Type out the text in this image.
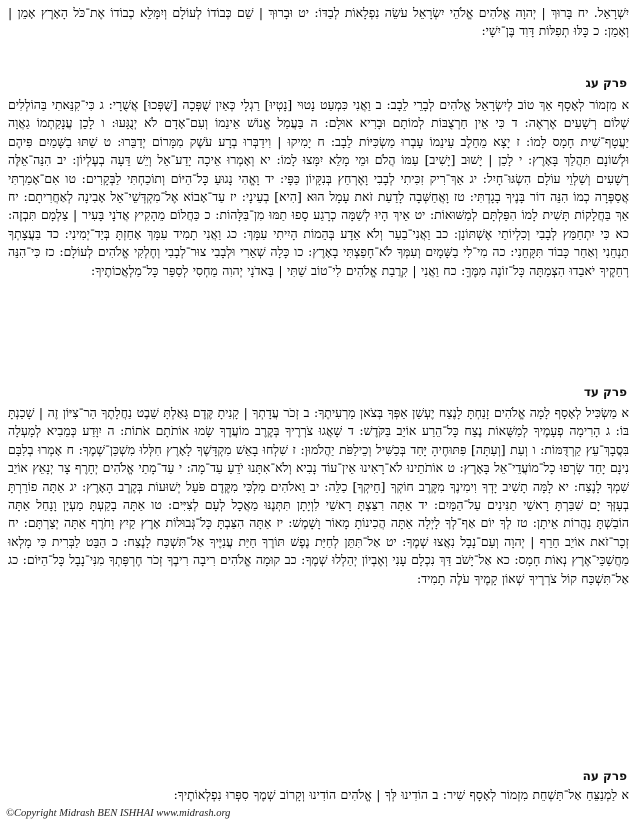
יִשְׁרָאֵל. יח בָּרוּךְ | יְהוָה אֱלֹהִים אֱלֹהֵי יִשְׂרָאֵל עֹשֵׂה נִפְלָאוֹת לְבַדּוֹ: יט וּבָרוּךְ | שֵׁם כְּבוֹדוֹ לְעוֹלָם וְיִמָּלֵא כְבוֹדוֹ אֶת־כֹּל הָאָרֶץ אָמֵן | וְאָמֵן: כ כָּלּוּ תְפִלּוֹת דָּוִד בֶּן־יִשָׁי:
פרק עג
א מִזְמוֹר לְאָסָף אַךְ טוֹב לְיִשְׂרָאֵל אֱלֹהִים לְבָרֵי לֵבָב: ב וַאֲנִי כִּמְעַט נָטוּי [נָטְיוּ] רַגְלָי כְּאַיִן שֻׁפְּכָה [שֻׁפְּכוּ] אֲשֻׁרָי: ג כִּי־קִנֵּאתִי בַּהוֹלְלִים שְׁלוֹם רְשָׁעִים אֶרְאֶה: ד כִּי אֵין חַרְצֻבּוֹת לְמוֹתָם וּבָרִיא אוּלָם: ה בַּעֲמַל אֱנוֹשׁ אֵינֵמוֹ וְעִם־אָדָם לֹא יְנֻגָּעוּ: ו לָכֵן עֲנָקַתְמוֹ גַאֲוָה יַעֲטָף־שִׁית חָמָס לָמוֹ: ז יָצָא מֵחֵלֶב עֵינֵמוֹ עָבְרוּ מַשְׂכִּיּוֹת לֵבָב: ח יָמִיקוּ | וִידַבְּרוּ בְרָע עֹשֶׁק מִמָּרוֹם יְדַבֵּרוּ: ט שַׁתּוּ בַשָּׁמַיִם פִּיהֶם וּלְשׁוֹנָם תִּהֲלַךְ בָּאָרֶץ: י לָכֵן | יָשׁוּב [יָשִׁיב] עַמּוֹ הֲלֹם וּמֵי מָלֵא יִמָּצוּ לָמוֹ: יא וְאָמְרוּ אֵיכָה יָדַע־אֵל וְיֵשׁ דֵּעָה בְעֶלְיוֹן: יב הִנֵּה־אֵלֶּה רְשָׁעִים וְשַׁלְוֵי עוֹלָם הִשְׂגּוּ־חָיִל: יג אַךְ־רִיק זִכִּיתִי לְבָבִי וָאֶרְחַץ בְּנִקָּיוֹן כַּפָּי: יד וָאֱהִי נָגוּעַ כָּל־הַיּוֹם וְתוֹכַחְתִּי לַבְּקָרִים: טו אִם־אָמַרְתִּי אֲסַפְּרָה כְמוֹ הִנֵּה דוֹר בָּנֶיךָ בָגָדְתִּי: טז וָאֲחַשְּׁבָה לָדַעַת זֹאת עָמָל הוּא [הִיא] בְעֵינָי: יז עַד־אָבוֹא אֶל־מִקְדְּשֵׁי־אֵל אָבִינָה לְאַחֲרִיתָם: יח אַךְ בַּחֲלָקוֹת תָּשִׁית לָמוֹ הִפַּלְתָּם לְמַשּׁוּאוֹת: יט אֵיךְ הָיוּ לְשַׁמָּה כְרָגַע סָפוּ תַמּוּ מִן־בַּלָּהוֹת: כ כַּחֲלוֹם מֵהָקִיץ אֲדֹנָי בָּעִיר | צַלְמָם תִּבְזֶה: כא כִּי יִתְחַמֵּץ לְבָבִי וְכִלְיוֹתַי אֶשְׁתּוֹנָן: כב וַאֲנִי־בַעַר וְלֹא אֵדָע בְּהֵמוֹת הָיִיתִי עִמָּךְ: כג וַאֲנִי תָמִיד עִמָּךְ אָחַזְתָּ בְּיַד־יְמִינִי: כד בַּעֲצָתְךָ תַנְחֵנִי וְאַחַר כָּבוֹד תִּקָּחֵנִי: כה מִי־לִי בַשָּׁמָיִם וְעִמְּךָ לֹא־חָפַצְתִּי בָאָרֶץ: כו כָּלָה שְׁאֵרִי וּלְבָבִי צוּר־לְבָבִי וְחֶלְקִי אֱלֹהִים לְעוֹלָם: כז כִּי־הִנֵּה רְחֵקֶיךָ יֹאבֵדוּ הִצְמַתָּה כָּל־זוֹנֶה מִמֶּךָּ: כח וַאֲנִי | קִרֲבַת אֱלֹהִים לִי־טוֹב שַׁתִּי | בַּאדֹנָי יְהוִה מַחְסִי לְסַפֵּר כָּל־מַלְאֲכוֹתֶיךָ:
פרק עד
א מַשְׂכִּיל לְאָסָף לָמָה אֱלֹהִים זָנַחְתָּ לָנֶצַח יֶעְשַׁן אַפְּךָ בְּצֹאן מַרְעִיתֶךָ: ב זְכֹר עֲדָתְךָ | קָנִיתָ קֶּדֶם גָּאַלְתָּ שֵׁבֶט נַחֲלָתֶךָ הַר־צִיּוֹן זֶה | שָׁכַנְתָּ בּוֹ: ג הָרִימָה פְעָמֶיךָ לְמַשֻּׁאוֹת נֶצַח כָּל־הֵרַע אוֹיֵב בַּקֹּדֶשׁ: ד שָׁאֲגוּ צֹרְרֶיךָ בְּקֶרֶב מוֹעֲדֶךָ שָׂמוּ אוֹתֹתָם אֹתוֹת: ה יִוָּדַע כְּמֵבִיא לְמָעְלָה בִּסֲבָךְ־עֵץ קַרְדֻּמּוֹת: ו וְעַת [וְעַתָּה] פִּתּוּחֶיהָ יָּחַד בְּכַשִּׁיל וְכֵילַפֹּת יַהֲלֹמוּן: ז שִׁלְחוּ בָאֵשׁ מִקְדָּשֶׁךָ לָאָרֶץ חִלְּלוּ מִשְׁכַּן־שְׁמֶךָ: ח אָמְרוּ בְלִבָּם נִינָם יָחַד שָׂרְפוּ כָל־מוֹעֲדֵי־אֵל בָּאָרֶץ: ט אוֹתֹתֵינוּ לֹא־רָאִינוּ אֵין־עוֹד נָבִיא וְלֹא־אִתָּנוּ יֹדֵעַ עַד־מָה: י עַד־מָתַי אֱלֹהִים יְחָרֶף צָר יְנָאֵץ אוֹיֵב שִׁמְךָ לָנֶצַח: יא לָמָּה תָשִׁיב יָדְךָ וִימִינֶךָ מִקֶּרֶב חוֹקְךָ [חֵיקְךָ] כַלֵּה: יב וֵאלֹהִים מַלְכִּי מִקֶּדֶם פֹּעֵל יְשׁוּעוֹת בְּקֶרֶב הָאָרֶץ: יג אַתָּה פוֹרַרְתָּ בְעָזְּךָ יָם שִׁבַּרְתָּ רָאשֵׁי תַנִּינִים עַל־הַמָּיִם: יד אַתָּה רִצַּצְתָּ רָאשֵׁי לִוְיָתָן תִּתְּנֶנּוּ מַאֲכָל לְעָם לְצִיִּים: טו אַתָּה בָקַעְתָּ מַעְיָן וָנָחַל אַתָּה הוֹבַשְׁתָּ נַהֲרוֹת אֵיתָן: טז לְךָ יוֹם אַף־לְךָ לָיְלָה אַתָּה הֲכִינוֹתָ מָאוֹר וָשָׁמֶשׁ: יז אַתָּה הִצַּבְתָּ כָּל־גְּבוּלוֹת אָרֶץ קַיִץ וָחֹרֶף אַתָּה יְצַרְתָּם: יח זְכָר־זֹאת אוֹיֵב חֵרֵף | יְהוָה וְעַם־נָבָל נִאֲצוּ שְׁמֶךָ: יט אַל־תִּתֵּן לְחַיַּת נֶפֶשׁ תּוֹרֶךָ חַיַּת עֲנִיֶּיךָ אַל־תִּשְׁכַּח לָנֶצַח: כ הַבֵּט לַבְּרִית כִּי מָלְאוּ מַחֲשַׁכֵּי־אֶרֶץ נְאוֹת חָמָס: כא אַל־יָשֹׁב דַּךְ נִכְלָם עָנִי וְאֶבְיוֹן יְהַלְלוּ שְׁמֶךָ: כב קוּמָה אֱלֹהִים רִיבָה רִיבֶךָ זְכֹר חֶרְפָּתְךָ מִנִּי־נָבָל כָּל־הַיּוֹם: כג אַל־תִּשְׁכַּח קוֹל צֹרְרֶיךָ שְׁאוֹן קָמֶיךָ עֹלֶה תָמִיד:
פרק עה
א לַמְנַצֵּחַ אַל־תַּשְׁחֵת מִזְמוֹר לְאָסָף שִׁיר: ב הוֹדִינוּ לְּךָ | אֱלֹהִים הוֹדִינוּ וְקָרוֹב שְׁמֶךָ סִפְּרוּ נִפְלְאוֹתֶיךָ:
©Copyright Midrash BEN ISHHAI www.midrash.org
